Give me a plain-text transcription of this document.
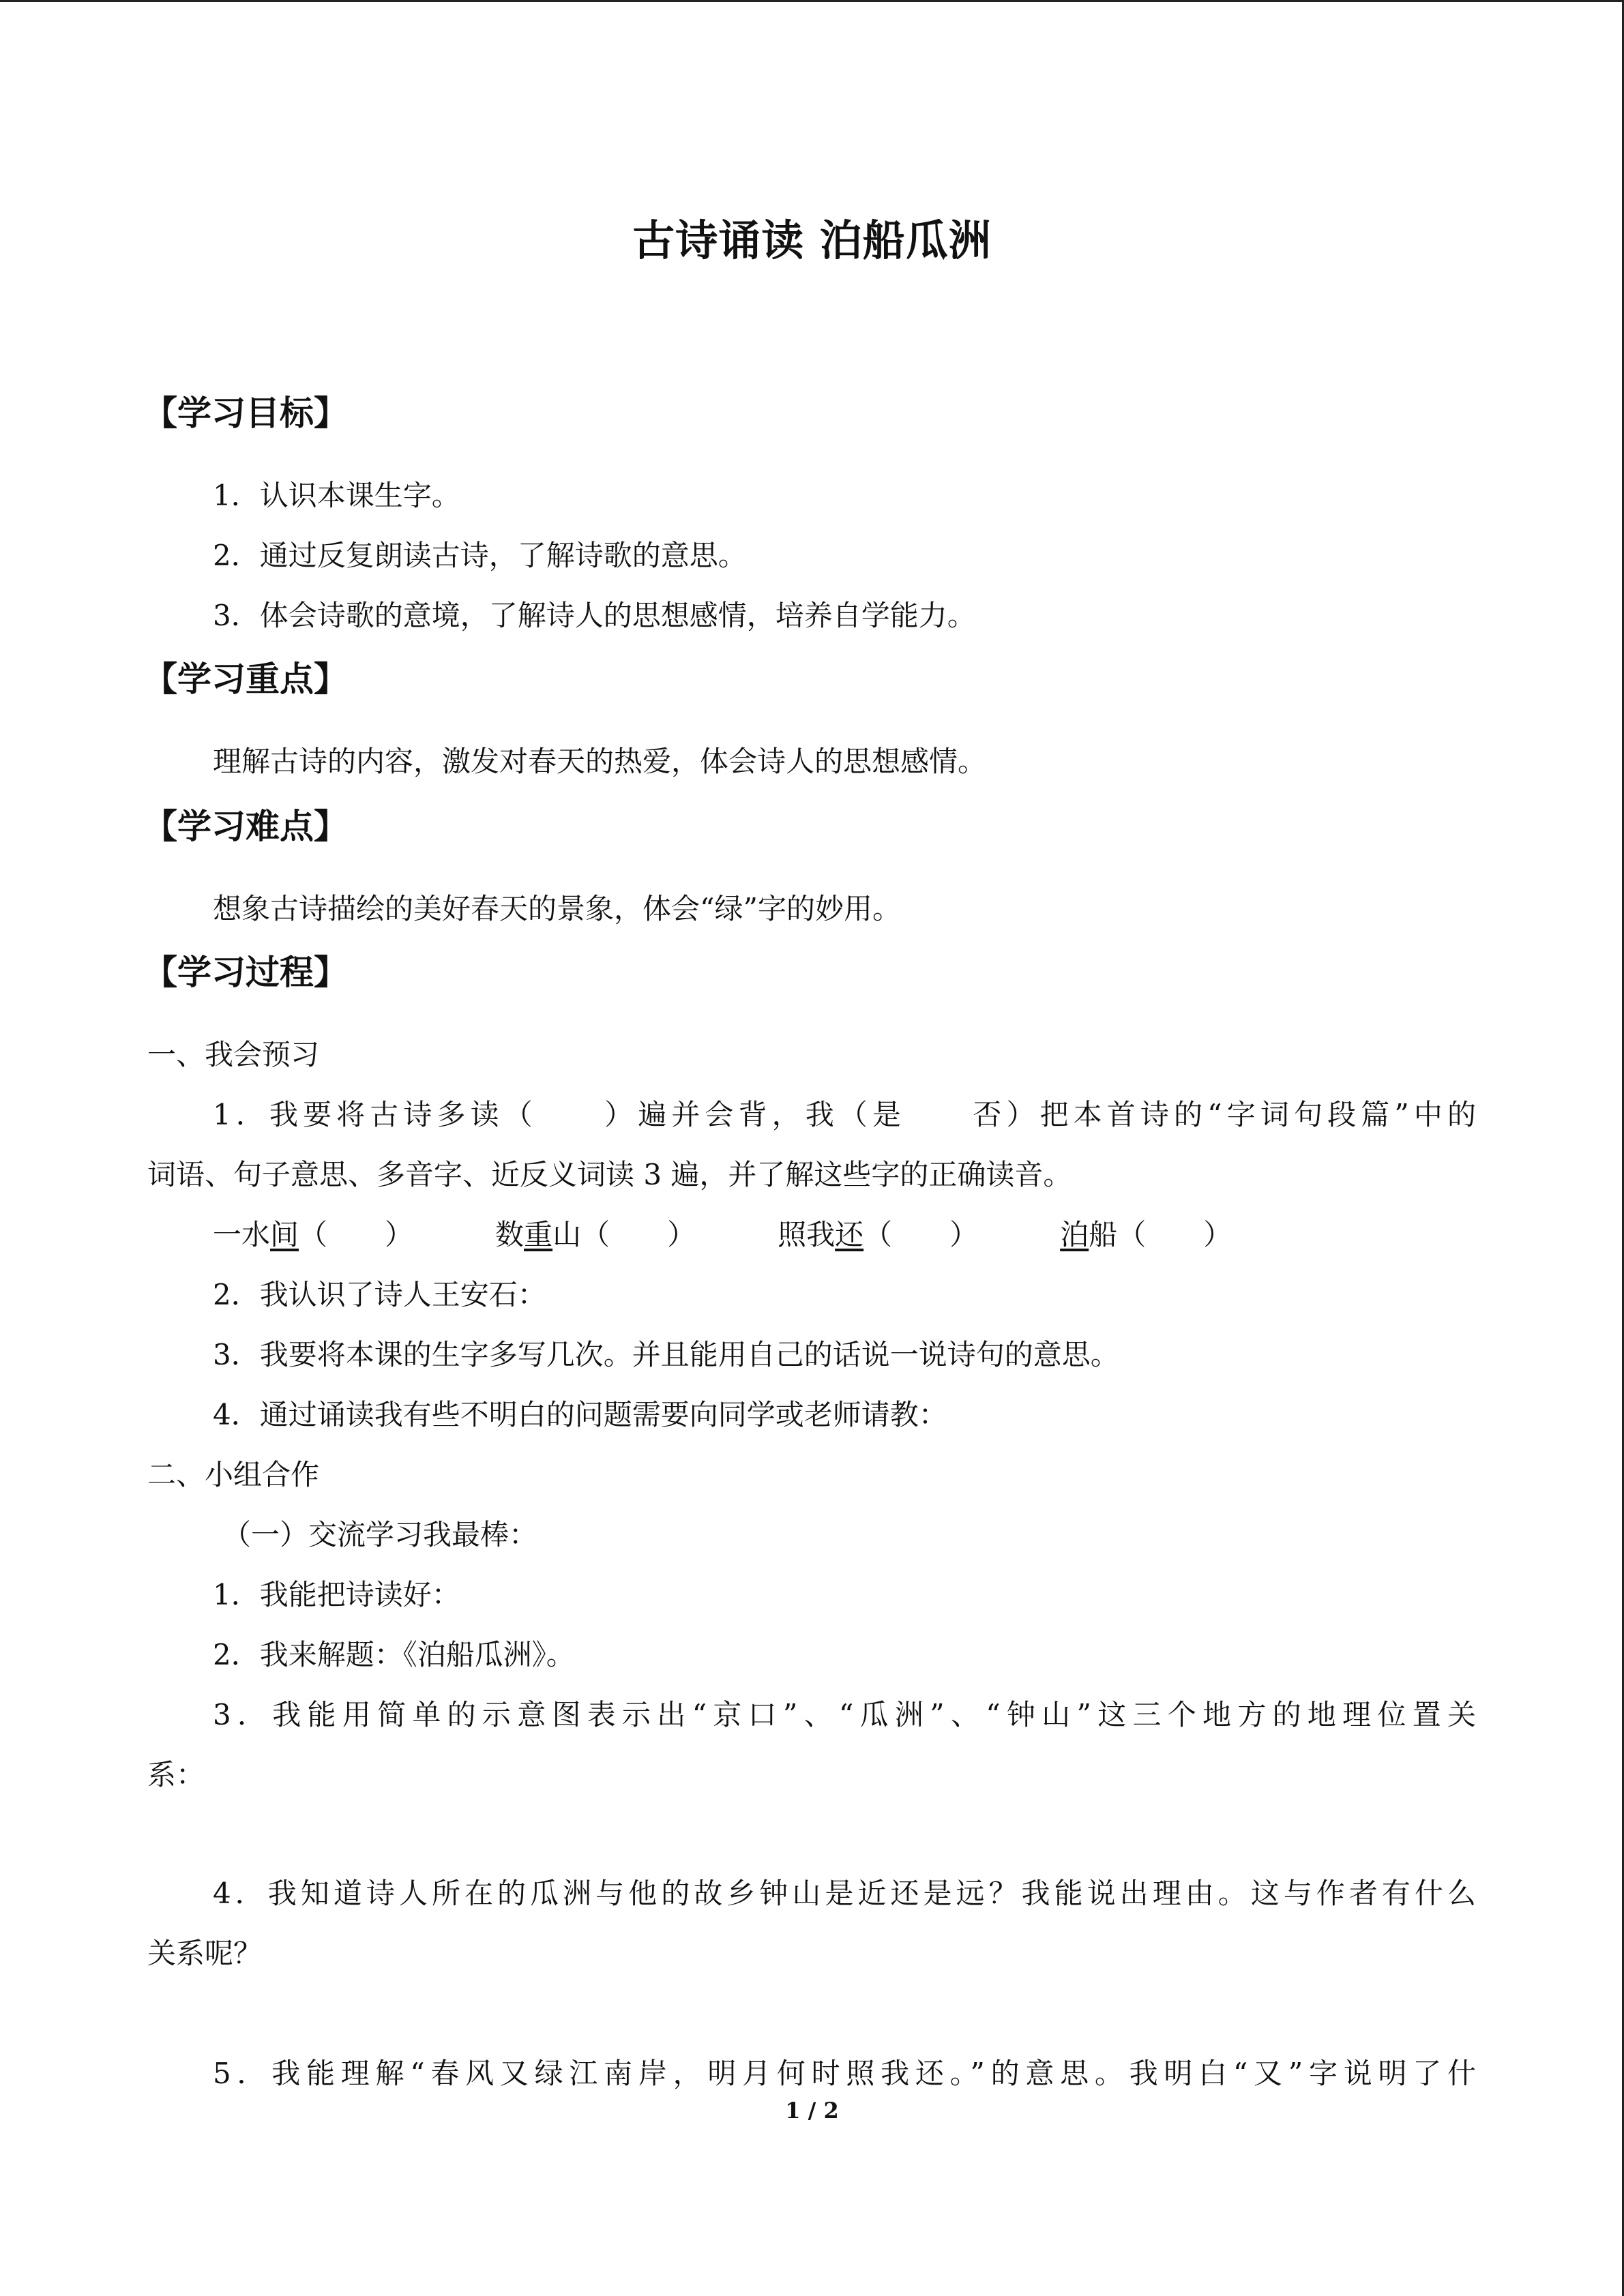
古诗诵读 泊船瓜洲
【学习目标】
1．认识本课生字。
2．通过反复朗读古诗，了解诗歌的意思。
3．体会诗歌的意境，了解诗人的思想感情，培养自学能力。
【学习重点】
理解古诗的内容，激发对春天的热爱，体会诗人的思想感情。
【学习难点】
想象古诗描绘的美好春天的景象，体会“绿”字的妙用。
【学习过程】
一、我会预习
1．我要将古诗多读（　　）遍并会背，我（是　　否）把本首诗的“字词句段篇”中的
词语、句子意思、多音字、近反义词读 3 遍，并了解这些字的正确读音。
一水间（　　）	数重山（　　）	照我还（　　）	泊船（　　）
2．我认识了诗人王安石：
3．我要将本课的生字多写几次。并且能用自己的话说一说诗句的意思。
4．通过诵读我有些不明白的问题需要向同学或老师请教：
二、小组合作
（一）交流学习我最棒：
1．我能把诗读好：
2．我来解题：《泊船瓜洲》。
3．我能用简单的示意图表示出“京口”、“瓜洲”、“钟山”这三个地方的地理位置关
系：
4．我知道诗人所在的瓜洲与他的故乡钟山是近还是远？我能说出理由。这与作者有什么
关系呢？
5．我能理解“春风又绿江南岸，明月何时照我还。”的意思。我明白“又”字说明了什
1 / 2
